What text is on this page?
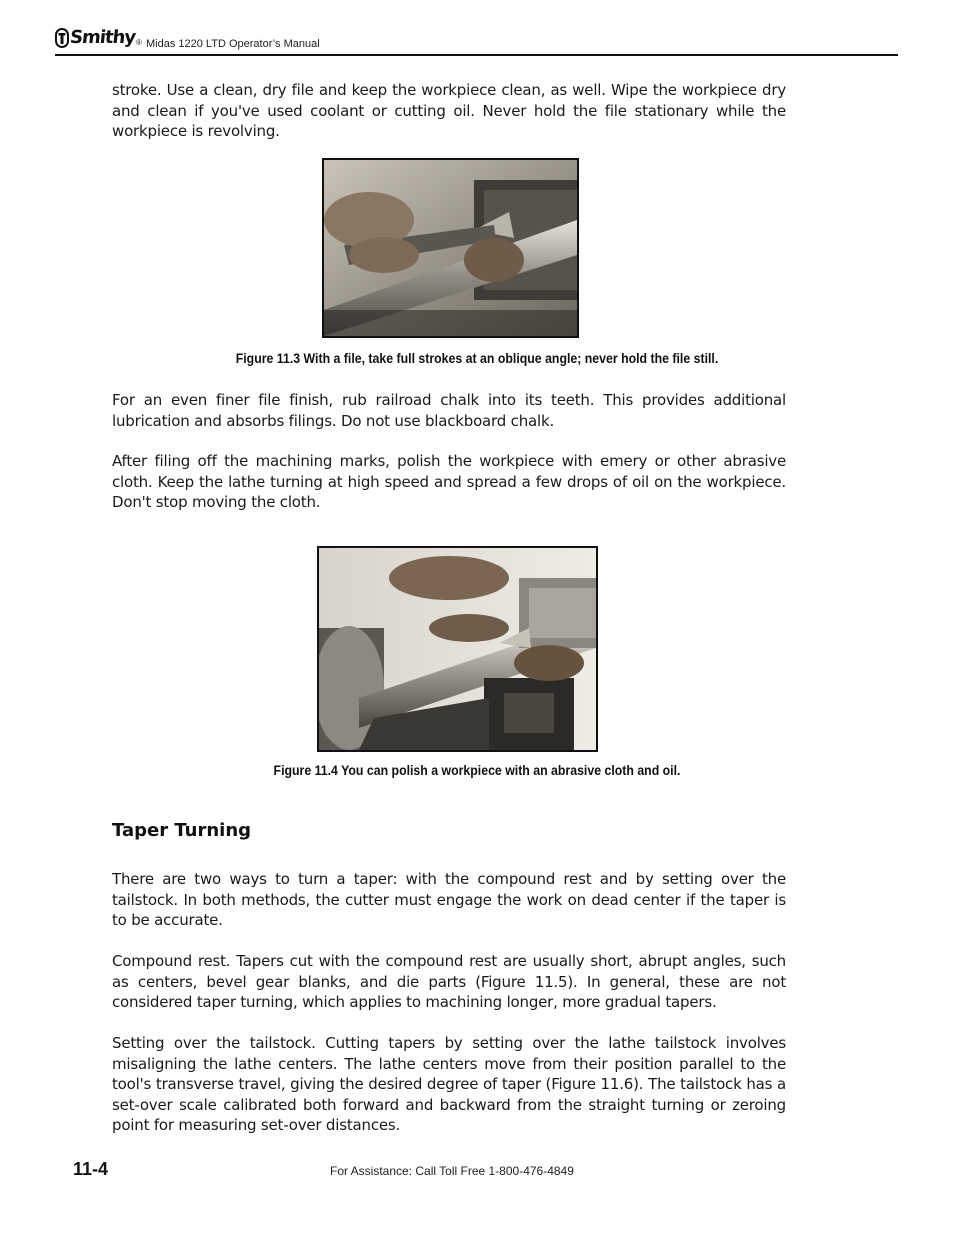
Smithy ® Midas 1220 LTD Operator’s Manual

stroke. Use a clean, dry file and keep the workpiece clean, as well. Wipe the workpiece dry and clean if you've used coolant or cutting oil. Never hold the file stationary while the workpiece is revolving.

Figure 11.3 With a file, take full strokes at an oblique angle; never hold the file still.

For an even finer file finish, rub railroad chalk into its teeth. This provides additional lubrication and absorbs filings. Do not use blackboard chalk.

After filing off the machining marks, polish the workpiece with emery or other abrasive cloth. Keep the lathe turning at high speed and spread a few drops of oil on the workpiece. Don't stop moving the cloth.

Figure 11.4 You can polish a workpiece with an abrasive cloth and oil.

Taper Turning

There are two ways to turn a taper: with the compound rest and by setting over the tailstock. In both methods, the cutter must engage the work on dead center if the taper is to be accurate.

Compound rest. Tapers cut with the compound rest are usually short, abrupt angles, such as centers, bevel gear blanks, and die parts (Figure 11.5). In general, these are not considered taper turning, which applies to machining longer, more gradual tapers.

Setting over the tailstock. Cutting tapers by setting over the lathe tailstock involves misaligning the lathe centers. The lathe centers move from their position parallel to the tool's transverse travel, giving the desired degree of taper (Figure 11.6). The tailstock has a set-over scale calibrated both forward and backward from the straight turning or zeroing point for measuring set-over distances.

11-4	For Assistance: Call Toll Free 1-800-476-4849
